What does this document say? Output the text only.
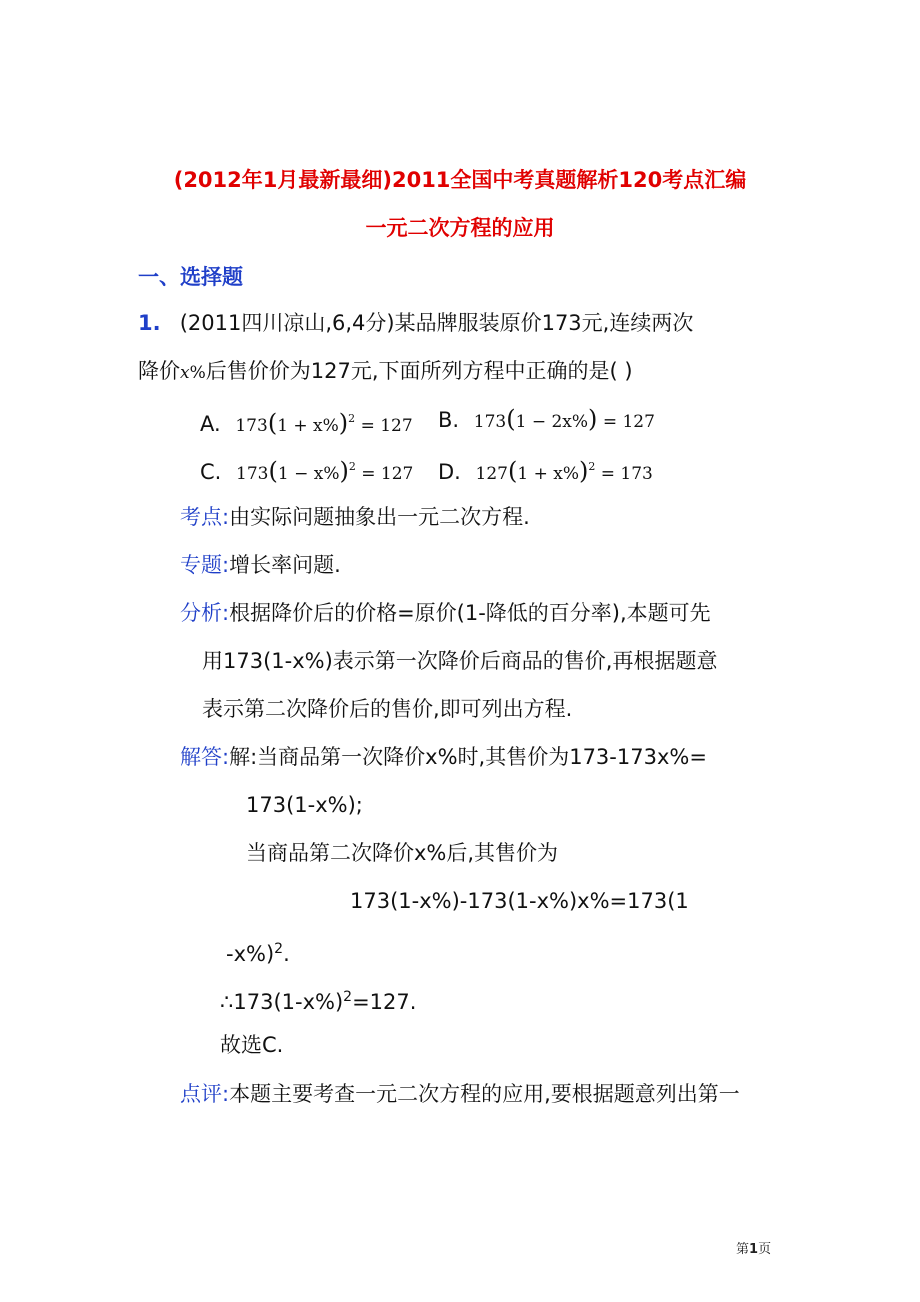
(2012年1月最新最细)2011全国中考真题解析120考点汇编
一元二次方程的应用
一、选择题
1. (2011四川凉山,6,4分)某品牌服装原价173元,连续两次
降价x%后售价价为127元,下面所列方程中正确的是( )
A. $173(1 + x\%)^2 = 127$ B. 173(1 − 2x%) = 127
C. $173(1 - x\%)^2 = 127$ D. $127(1 + x\%)^2 = 173$
考点:由实际问题抽象出一元二次方程.
专题:增长率问题.
分析:根据降价后的价格=原价(1-降低的百分率),本题可先
用173(1-x%)表示第一次降价后商品的售价,再根据题意
表示第二次降价后的售价,即可列出方程.
解答:解:当商品第一次降价x%时,其售价为173-173x%=
173(1-x%);
当商品第二次降价x%后,其售价为
173(1-x%)-173(1-x%)x%=173(1
-x%)$^2$.
$\therefore 173(1-x\%)^2=127$.
故选C.
点评:本题主要考查一元二次方程的应用,要根据题意列出第一
第1页
